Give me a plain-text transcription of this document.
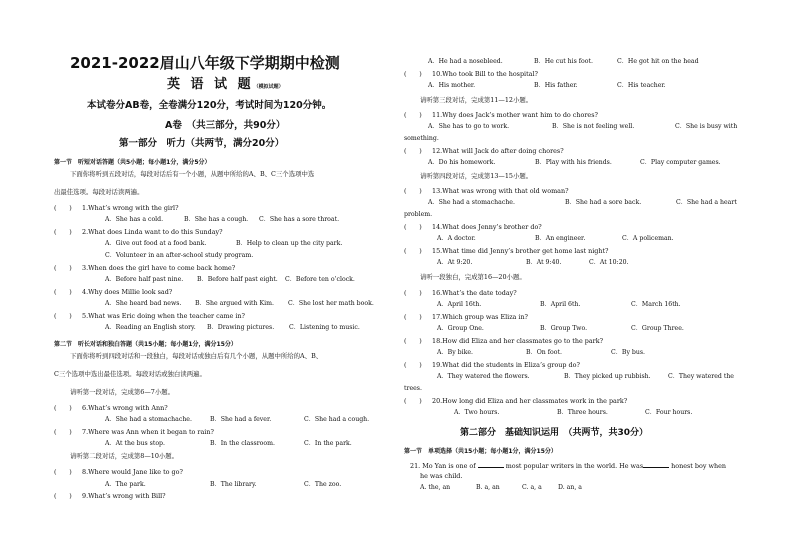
2021-2022眉山八年级下学期期中检测
英 语 试 题（模拟试题）
本试卷分AB卷，全卷满分120分，考试时间为120分钟。
A卷　（共三部分，共90分）
第一部分　听力（共两节，满分20分）
第一节　听短对话答题（共5小题；每小题1分，满分5分）
下面你将听到五段对话，每段对话后有一个小题，从题中所给的A、B、C三个选项中选
出最佳选项。每段对话读两遍。
(　　) 1.What’s wrong with the girl?
A．She has a cold.	B．She has a cough. C．She has a sore throat.
(　　) 2.What does Linda want to do this Sunday?
A．Give out food at a food bank.	B．Help to clean up the city park.
C．Volunteer in an after-school study program.
(　　) 3.When does the girl have to come back home?
A．Before half past nine. B．Before half past eight. C．Before ten o’clock.
(　　) 4.Why does Millie look sad?
A．She heard bad news. B．She argued with Kim. C．She lost her math book.
(　　) 5.What was Eric doing when the teacher came in?
A．Reading an English story. B．Drawing pictures. C．Listening to music.
第二节　听长对话和独白答题（共15小题；每小题1分，满分15分）
下面你将听到四段对话和一段独白，每段对话或独白后有几个小题，从题中所给的A、B、
C三个选项中选出最佳选项。每段对话或独白读两遍。
请听第一段对话，完成第6—7小题。
(　　) 6.What’s wrong with Ann?
A．She had a stomachache.	B．She had a fever.	C．She had a cough.
(　　) 7.Where was Ann when it began to rain?
A．At the bus stop.	B．In the classroom.	C．In the park.
请听第二段对话，完成第8—10小题。
(　　) 8.Where would Jane like to go?
A．The park.	B．The library.	C．The zoo.
(　　) 9.What’s wrong with Bill?
A．He had a nosebleed.	B．He cut his foot.	C．He got hit on the head
(　　) 10.Who took Bill to the hospital?
A．His mother.	B．His father.	C．His teacher.
请听第三段对话，完成第11—12小题。
(　　) 11.Why does Jack’s mother want him to do chores?
A．She has to go to work.	B．She is not feeling well.	C．She is busy with
something.
(　　) 12.What will Jack do after doing chores?
A．Do his homework.	B．Play with his friends.	C．Play computer games.
请听第四段对话，完成第13—15小题。
(　　) 13.What was wrong with that old woman?
A．She had a stomachache.	B．She had a sore back.	C．She had a heart
problem.
(　　) 14.What does Jenny’s brother do?
A．A doctor.	B．An engineer.	C．A policeman.
(　　) 15.What time did Jenny’s brother get home last night?
A．At 9:20.	B．At 9:40.	C．At 10:20.
请听一段独白，完成第16—20小题。
(　　) 16.What’s the date today?
A．April 16th.	B．April 6th.	C．March 16th.
(　　) 17.Which group was Eliza in?
A．Group One.	B．Group Two.	C．Group Three.
(　　) 18.How did Eliza and her classmates go to the park?
A．By bike.	B．On foot.	C．By bus.
(　　) 19.What did the students in Eliza’s group do?
A．They watered the flowers.	B．They picked up rubbish.	C．They watered the
trees.
(　　) 20.How long did Eliza and her classmates work in the park?
A．Two hours.	B．Three hours.	C．Four hours.
第二部分　基础知识运用　（共两节，共30分）
第一节　单项选择（共15小题；每小题1分，满分15分）
21. Mo Yan is one of	most popular writers in the world. He was	honest boy when
he was child.
A. the, an	B. a, an	C. a, a	D. an, a
